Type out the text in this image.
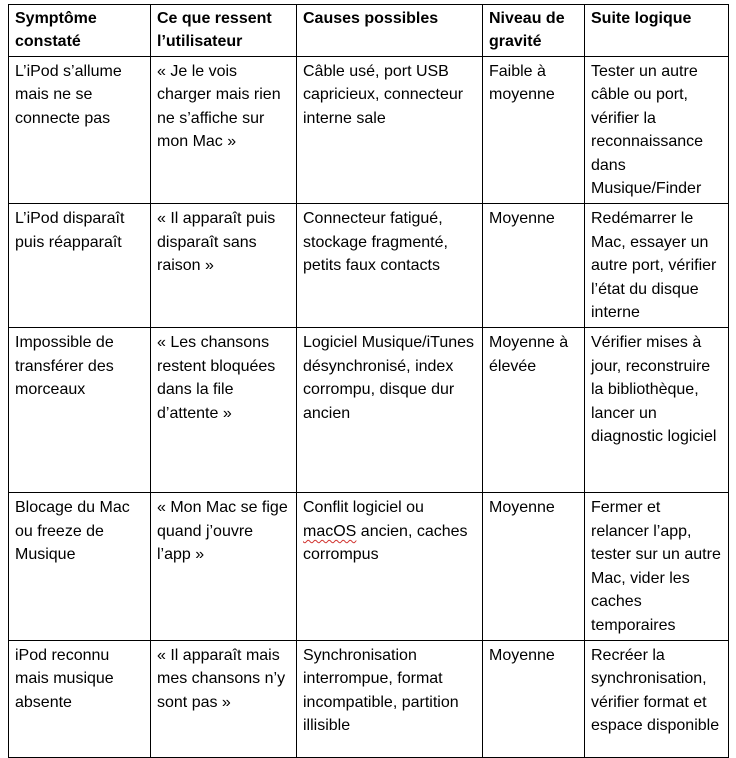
Symptôme constaté	Ce que ressent l’utilisateur	Causes possibles	Niveau de gravité	Suite logique
L’iPod s’allume mais ne se connecte pas	« Je le vois charger mais rien ne s’affiche sur mon Mac »	Câble usé, port USB capricieux, connecteur interne sale	Faible à moyenne	Tester un autre câble ou port, vérifier la reconnaissance dans Musique/Finder
L’iPod disparaît puis réapparaît	« Il apparaît puis disparaît sans raison »	Connecteur fatigué, stockage fragmenté, petits faux contacts	Moyenne	Redémarrer le Mac, essayer un autre port, vérifier l’état du disque interne
Impossible de transférer des morceaux	« Les chansons restent bloquées dans la file d’attente »	Logiciel Musique/iTunes désynchronisé, index corrompu, disque dur ancien	Moyenne à élevée	Vérifier mises à jour, reconstruire la bibliothèque, lancer un diagnostic logiciel
Blocage du Mac ou freeze de Musique	« Mon Mac se fige quand j’ouvre l’app »	Conflit logiciel ou macOS ancien, caches corrompus	Moyenne	Fermer et relancer l’app, tester sur un autre Mac, vider les caches temporaires
iPod reconnu mais musique absente	« Il apparaît mais mes chansons n’y sont pas »	Synchronisation interrompue, format incompatible, partition illisible	Moyenne	Recréer la synchronisation, vérifier format et espace disponible
